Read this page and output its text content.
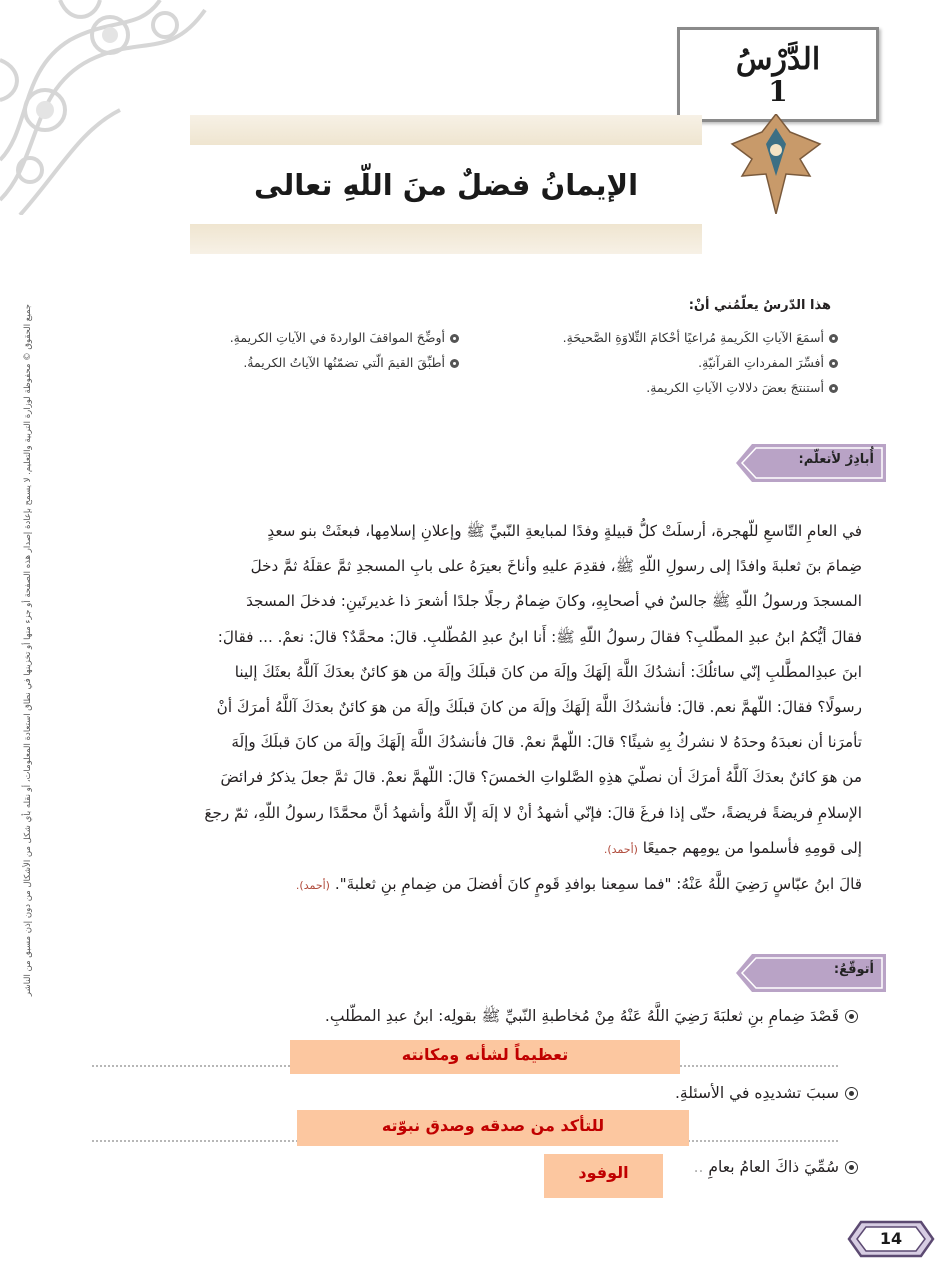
الدَّرْسُ
1
الإيمانُ فضلٌ منَ اللّهِ تعالى
جميع الحقوق © محفوظة لوزارة التربية والتعليم. لا يسمح بإعادة إصدار هذه الصفحة أو جزء منها أو تخزينها في نطاق استعادة المعلومات، أو نقله بأي شكل من الأشكال من دون إذن مسبق من الناشر	هذا الدّرسُ يعلّمُني أنْ:
أسمَعَ الآياتِ الكَريمةِ مُراعيًا أحْكامَ التِّلاوَةِ الصَّحيحَةِ.
أفسِّرَ المفرداتِ القرآنيّةِ.
أستنتجَ بعضَ دلالاتِ الآياتِ الكريمةِ.
أوضِّحَ المواقفَ الواردةَ في الآياتِ الكريمةِ.
أطبِّقَ القيمَ الّتي تضمّنُها الآياتُ الكريمةُ.
أُبادِرُ لأتعلّم:
في العامِ التّاسعِ للّهجرة، أرسلَتْ كلُّ قبيلةٍ وفدًا لمبايعةِ النّبيِّ ﷺ وإعلانِ إسلامِها، فبعثَتْ بنو سعدٍ
ضِمامَ بنَ ثعلبةَ وافدًا إلى رسولِ اللّهِ ﷺ، فقدِمَ عليهِ وأناخَ بعيرَهُ على بابِ المسجدِ ثمَّ عقلَهُ ثمَّ دخلَ
المسجدَ ورسولُ اللّهِ ﷺ جالسٌ في أصحابِهِ، وكانَ ضِمامٌ رجلًا جلدًا أشعرَ ذا غديرتَينِ: فدخلَ المسجدَ
فقالَ أيُّكمُ ابنُ عبدِ المطّلبِ؟ فقالَ رسولُ اللّهِ ﷺ: أَنا ابنُ عبدِ المُطّلبِ. قالَ: محمَّدٌ؟ قالَ: نعمْ. ... فقالَ:
ابنَ عبدِالمطَّلبِ إنّي سائلُكَ: أنشدُكَ اللَّهَ إلَهَكَ وإلَهَ من كانَ قبلَكَ وإلَهَ من هوَ كائنٌ بعدَكَ آللَّهُ بعثَكَ إلينا
رسولًا؟ فقالَ: اللّهمَّ نعم. قالَ: فأنشدُكَ اللَّهَ إلَهَكَ وإلَهَ من كانَ قبلَكَ وإلَهَ من هوَ كائنٌ بعدَكَ آللَّهُ أمرَكَ أنْ
تأمرَنا أن نعبدَهُ وحدَهُ لا نشركُ بِهِ شيئًا؟ قالَ: اللّهمَّ نعمْ. قالَ فأنشدُكَ اللَّهَ إلَهَكَ وإلَهَ من كانَ قبلَكَ وإلَهَ
من هوَ كائنٌ بعدَكَ آللَّهُ أمرَكَ أن نصلّيَ هذِهِ الصَّلواتِ الخمسَ؟ قالَ: اللّهمَّ نعمْ. قالَ ثمَّ جعلَ يذكرُ فرائضَ
الإسلامِ فريضةً فريضةً، حتّى إذا فرغَ قالَ: فإنّي أشهدُ أنْ لا إلَهَ إلّا اللَّهُ وأشهدُ أنَّ محمَّدًا رسولُ اللّهِ، ثمّ رجعَ
إلى قومِهِ فأسلموا من يومِهم جميعًا (أحمد).
قالَ ابنُ عبّاسٍ رَضِيَ اللَّهُ عَنْهُ: "فما سمِعنا بوافدِ قَومٍ كانَ أفضلَ من ضِمامِ بنِ ثعلبةَ". (أحمد).
أتوقّعُ:
قَصْدَ ضِمامِ بنِ ثعلبَةَ رَضِيَ اللَّهُ عَنْهُ مِنْ مُخاطبةِ النّبيِّ ﷺ بقولِه: ابنُ عبدِ المطّلبِ.
تعظيماً لشأنه ومكانته
سببَ تشديدِه في الأسئلةِ.
للتأكد من صدقه وصدق نبوّته
سُمِّيَ ذاكَ العامُ بعامِ ..
الوفود
14
